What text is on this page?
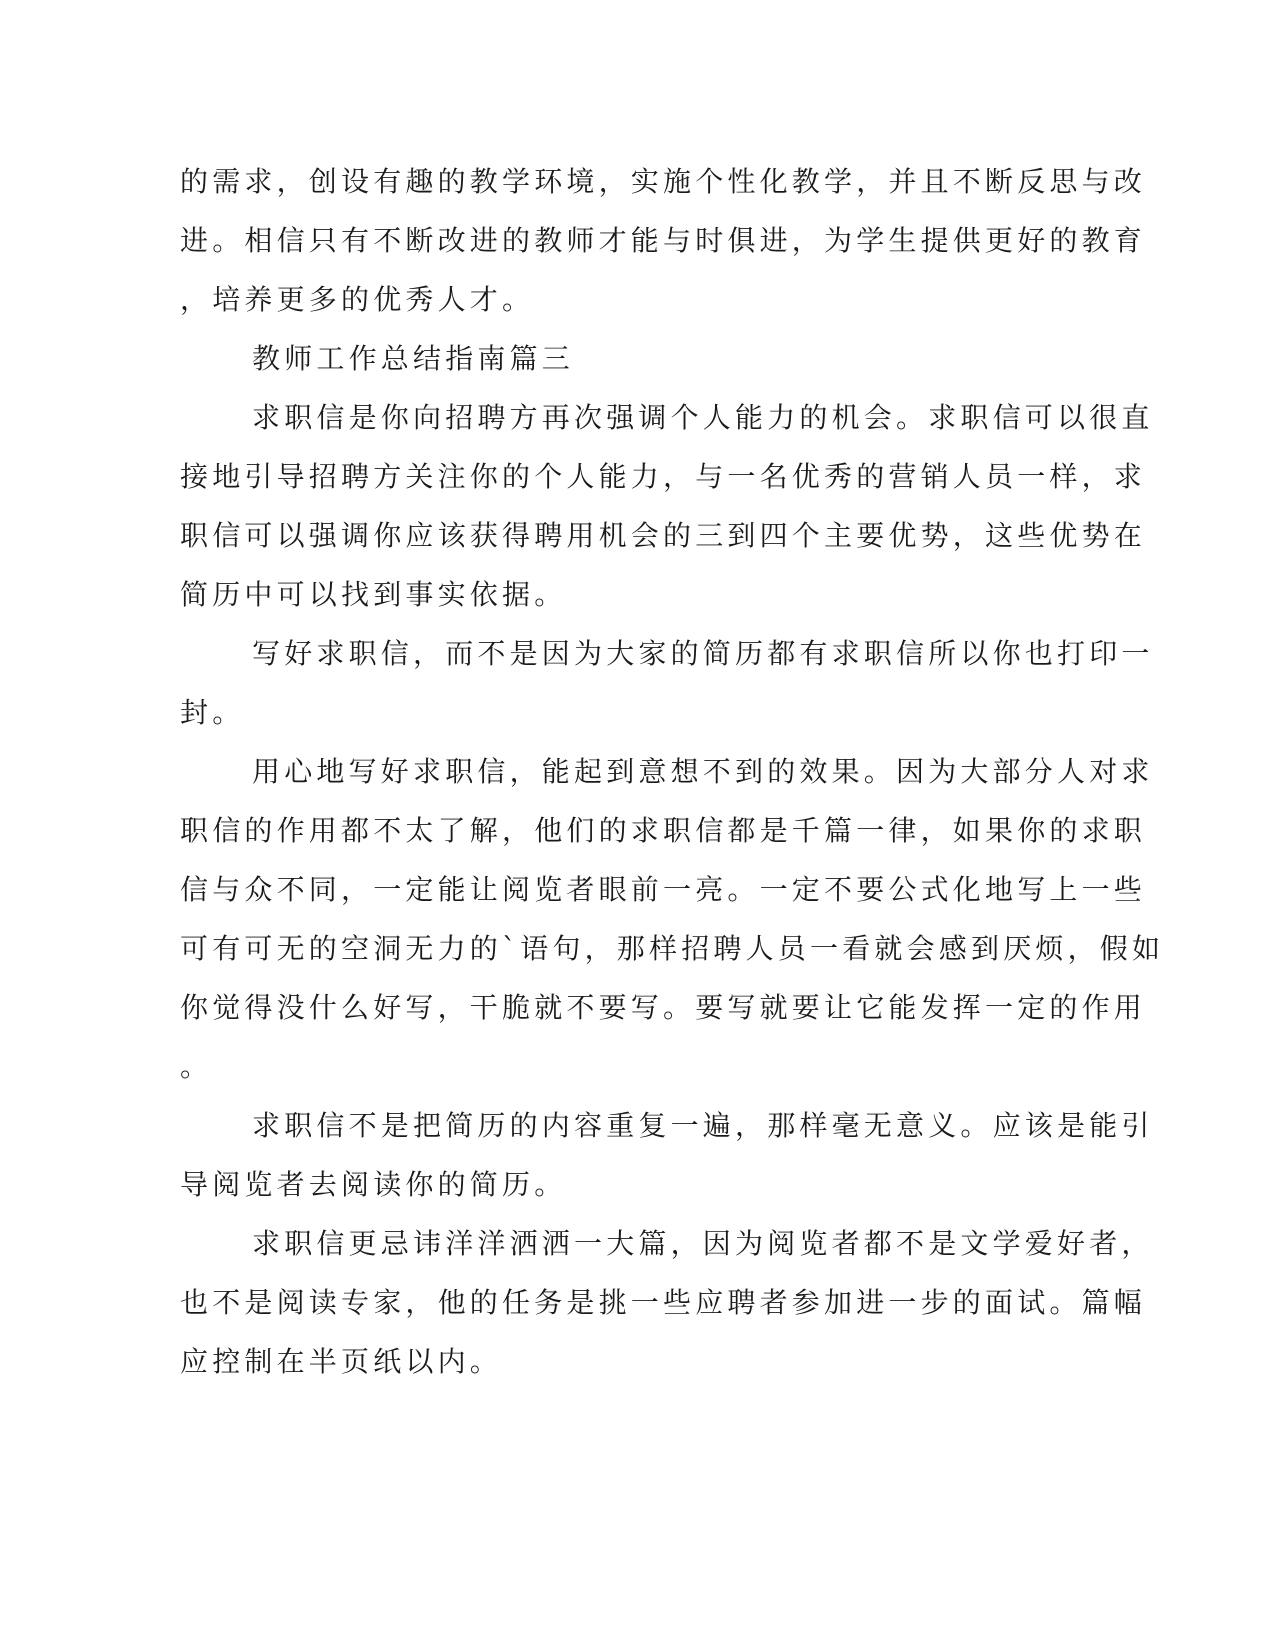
的需求，创设有趣的教学环境，实施个性化教学，并且不断反思与改
进。相信只有不断改进的教师才能与时俱进，为学生提供更好的教育
，培养更多的优秀人才。
教师工作总结指南篇三
求职信是你向招聘方再次强调个人能力的机会。求职信可以很直
接地引导招聘方关注你的个人能力，与一名优秀的营销人员一样，求
职信可以强调你应该获得聘用机会的三到四个主要优势，这些优势在
简历中可以找到事实依据。
写好求职信，而不是因为大家的简历都有求职信所以你也打印一
封。
用心地写好求职信，能起到意想不到的效果。因为大部分人对求
职信的作用都不太了解，他们的求职信都是千篇一律，如果你的求职
信与众不同，一定能让阅览者眼前一亮。一定不要公式化地写上一些
可有可无的空洞无力的`语句，那样招聘人员一看就会感到厌烦，假如
你觉得没什么好写，干脆就不要写。要写就要让它能发挥一定的作用
。
求职信不是把简历的内容重复一遍，那样毫无意义。应该是能引
导阅览者去阅读你的简历。
求职信更忌讳洋洋洒洒一大篇，因为阅览者都不是文学爱好者，
也不是阅读专家，他的任务是挑一些应聘者参加进一步的面试。篇幅
应控制在半页纸以内。
